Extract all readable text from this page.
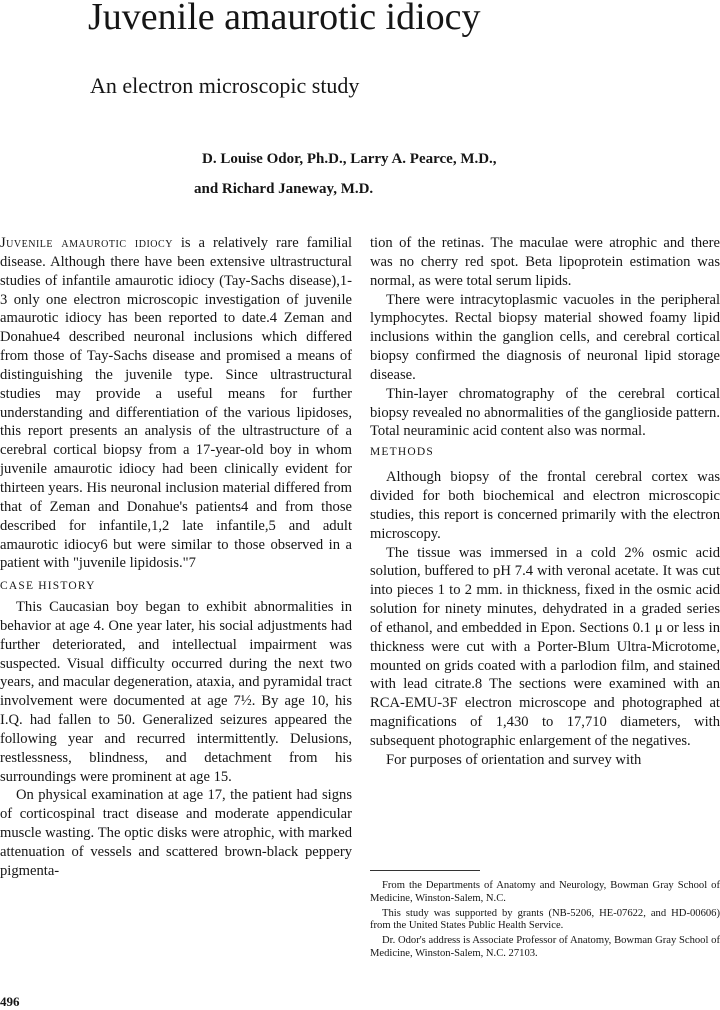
Juvenile amaurotic idiocy
An electron microscopic study
D. Louise Odor, Ph.D., Larry A. Pearce, M.D.,
and Richard Janeway, M.D.

Juvenile amaurotic idiocy is a relatively rare familial disease. Although there have been extensive ultrastructural studies of infantile amaurotic idiocy (Tay-Sachs disease),1-3 only one electron microscopic investigation of juvenile amaurotic idiocy has been reported to date.4 Zeman and Donahue4 described neuronal inclusions which differed from those of Tay-Sachs disease and promised a means of distinguishing the juvenile type. Since ultrastructural studies may provide a useful means for further understanding and differentiation of the various lipidoses, this report presents an analysis of the ultrastructure of a cerebral cortical biopsy from a 17-year-old boy in whom juvenile amaurotic idiocy had been clinically evident for thirteen years. His neuronal inclusion material differed from that of Zeman and Donahue's patients4 and from those described for infantile,1,2 late infantile,5 and adult amaurotic idiocy6 but were similar to those observed in a patient with "juvenile lipidosis."7

CASE HISTORY

This Caucasian boy began to exhibit abnormalities in behavior at age 4. One year later, his social adjustments had further deteriorated, and intellectual impairment was suspected. Visual difficulty occurred during the next two years, and macular degeneration, ataxia, and pyramidal tract involvement were documented at age 7½. By age 10, his I.Q. had fallen to 50. Generalized seizures appeared the following year and recurred intermittently. Delusions, restlessness, blindness, and detachment from his surroundings were prominent at age 15.

On physical examination at age 17, the patient had signs of corticospinal tract disease and moderate appendicular muscle wasting. The optic disks were atrophic, with marked attenuation of vessels and scattered brown-black peppery pigmenta-

tion of the retinas. The maculae were atrophic and there was no cherry red spot. Beta lipoprotein estimation was normal, as were total serum lipids.

There were intracytoplasmic vacuoles in the peripheral lymphocytes. Rectal biopsy material showed foamy lipid inclusions within the ganglion cells, and cerebral cortical biopsy confirmed the diagnosis of neuronal lipid storage disease.

Thin-layer chromatography of the cerebral cortical biopsy revealed no abnormalities of the ganglioside pattern. Total neuraminic acid content also was normal.

METHODS

Although biopsy of the frontal cerebral cortex was divided for both biochemical and electron microscopic studies, this report is concerned primarily with the electron microscopy.

The tissue was immersed in a cold 2% osmic acid solution, buffered to pH 7.4 with veronal acetate. It was cut into pieces 1 to 2 mm. in thickness, fixed in the osmic acid solution for ninety minutes, dehydrated in a graded series of ethanol, and embedded in Epon. Sections 0.1 μ or less in thickness were cut with a Porter-Blum Ultra-Microtome, mounted on grids coated with a parlodion film, and stained with lead citrate.8 The sections were examined with an RCA-EMU-3F electron microscope and photographed at magnifications of 1,430 to 17,710 diameters, with subsequent photographic enlargement of the negatives.

For purposes of orientation and survey with

From the Departments of Anatomy and Neurology, Bowman Gray School of Medicine, Winston-Salem, N.C.

This study was supported by grants (NB-5206, HE-07622, and HD-00606) from the United States Public Health Service.

Dr. Odor's address is Associate Professor of Anatomy, Bowman Gray School of Medicine, Winston-Salem, N.C. 27103.

496
